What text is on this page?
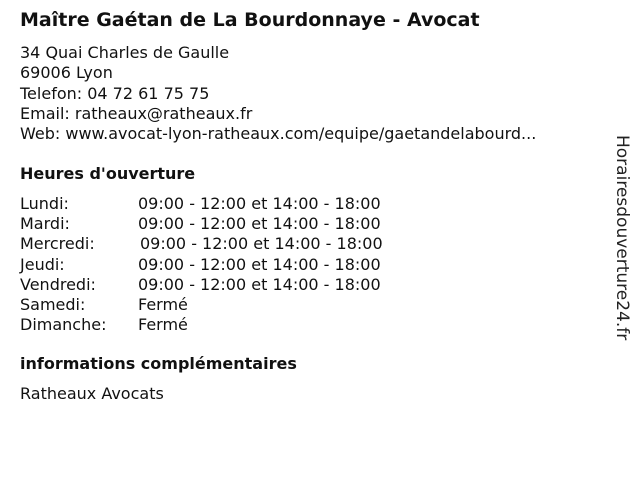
Maître Gaétan de La Bourdonnaye - Avocat
34 Quai Charles de Gaulle
69006 Lyon
Telefon: 04 72 61 75 75
Email: ratheaux@ratheaux.fr
Web: www.avocat-lyon-ratheaux.com/equipe/gaetandelabourd...
Heures d'ouverture
Lundi:	09:00 - 12:00 et 14:00 - 18:00
Mardi:	09:00 - 12:00 et 14:00 - 18:00
Mercredi:	09:00 - 12:00 et 14:00 - 18:00
Jeudi:	09:00 - 12:00 et 14:00 - 18:00
Vendredi:	09:00 - 12:00 et 14:00 - 18:00
Samedi:	Fermé
Dimanche: Fermé
informations complémentaires
Ratheaux Avocats
Horairesdouverture24.fr
